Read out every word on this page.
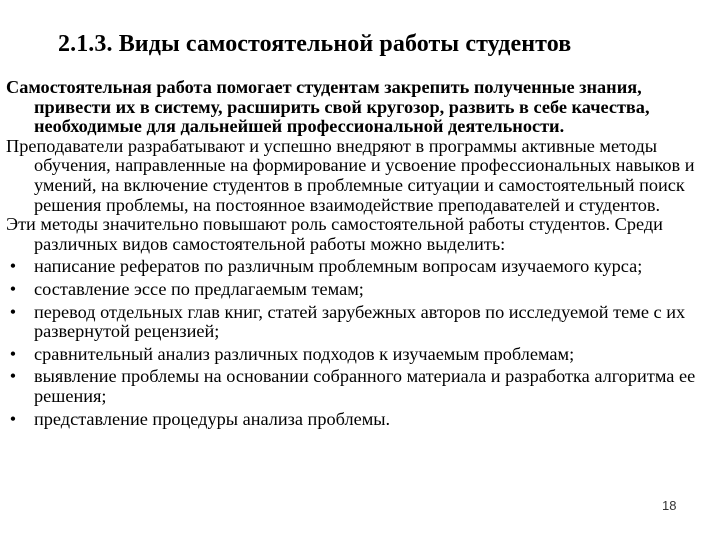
2.1.3. Виды самостоятельной работы студентов

Самостоятельная работа помогает студентам закрепить полученные знания, привести их в систему, расширить свой кругозор, развить в себе качества, необходимые для дальнейшей профессиональной деятельности.

Преподаватели разрабатывают и успешно внедряют в программы активные методы обучения, направленные на формирование и усвоение профессиональных навыков и умений, на включение студентов в проблемные ситуации и самостоятельный поиск решения проблемы, на постоянное взаимодействие преподавателей и студентов.

Эти методы значительно повышают роль самостоятельной работы студентов. Среди различных видов самостоятельной работы можно выделить:

• написание рефератов по различным проблемным вопросам изучаемого курса;
• составление эссе по предлагаемым темам;
• перевод отдельных глав книг, статей зарубежных авторов по исследуемой теме с их развернутой рецензией;
• сравнительный анализ различных подходов к изучаемым проблемам;
• выявление проблемы на основании собранного материала и разработка алгоритма ее решения;
• представление процедуры анализа проблемы.
18
